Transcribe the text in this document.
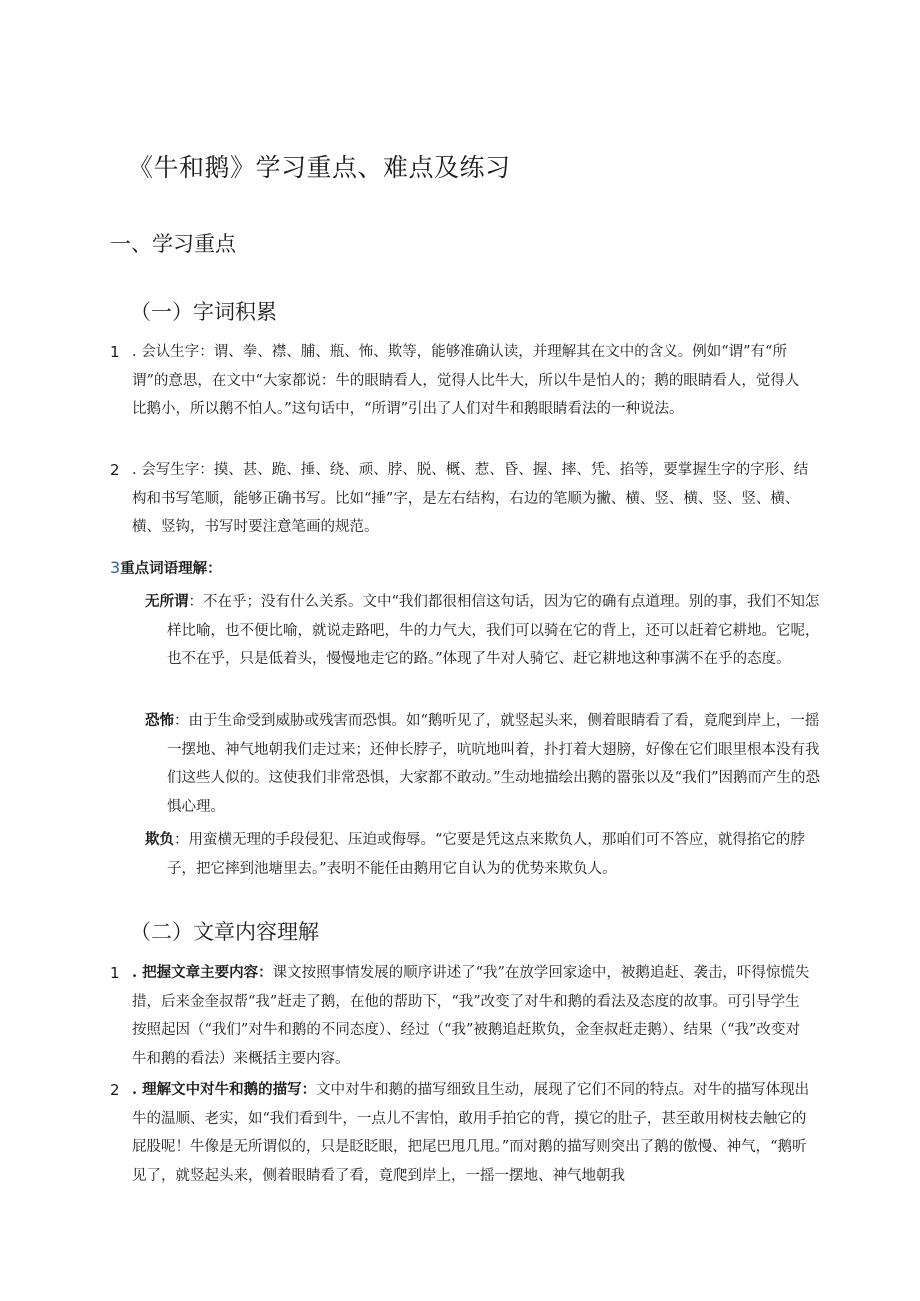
《牛和鹅》学习重点、难点及练习
一、学习重点
（一）字词积累
1 . 会认生字：谓、拳、襟、脯、瓶、怖、欺等，能够准确认读，并理解其在文中的含义。例如“谓”有“所谓”的意思，在文中“大家都说：牛的眼睛看人，觉得人比牛大，所以牛是怕人的；鹅的眼睛看人，觉得人比鹅小，所以鹅不怕人。”这句话中，“所谓”引出了人们对牛和鹅眼睛看法的一种说法。
2 . 会写生字：摸、甚、跪、捶、绕、顽、脖、脱、概、惹、昏、握、摔、凭、掐等，要掌握生字的字形、结构和书写笔顺，能够正确书写。比如“捶”字，是左右结构，右边的笔顺为撇、横、竖、横、竖、竖、横、横、竖钩，书写时要注意笔画的规范。
3重点词语理解：
无所谓：不在乎；没有什么关系。文中“我们都很相信这句话，因为它的确有点道理。别的事，我们不知怎样比喻，也不便比喻，就说走路吧，牛的力气大，我们可以骑在它的背上，还可以赶着它耕地。它呢，也不在乎，只是低着头，慢慢地走它的路。”体现了牛对人骑它、赶它耕地这种事满不在乎的态度。
恐怖：由于生命受到威胁或残害而恐惧。如“鹅听见了，就竖起头来，侧着眼睛看了看，竟爬到岸上，一摇一摆地、神气地朝我们走过来；还伸长脖子，吭吭地叫着，扑打着大翅膀，好像在它们眼里根本没有我们这些人似的。这使我们非常恐惧，大家都不敢动。”生动地描绘出鹅的嚣张以及“我们”因鹅而产生的恐惧心理。
欺负：用蛮横无理的手段侵犯、压迫或侮辱。“它要是凭这点来欺负人，那咱们可不答应，就得掐它的脖子，把它摔到池塘里去。”表明不能任由鹅用它自认为的优势来欺负人。
（二）文章内容理解
1 . 把握文章主要内容：课文按照事情发展的顺序讲述了“我”在放学回家途中，被鹅追赶、袭击，吓得惊慌失措，后来金奎叔帮“我”赶走了鹅，在他的帮助下，“我”改变了对牛和鹅的看法及态度的故事。可引导学生按照起因（“我们”对牛和鹅的不同态度）、经过（“我”被鹅追赶欺负，金奎叔赶走鹅）、结果（“我”改变对牛和鹅的看法）来概括主要内容。
2 . 理解文中对牛和鹅的描写：文中对牛和鹅的描写细致且生动，展现了它们不同的特点。对牛的描写体现出牛的温顺、老实，如“我们看到牛，一点儿不害怕，敢用手拍它的背，摸它的肚子，甚至敢用树枝去触它的屁股呢！牛像是无所谓似的，只是眨眨眼，把尾巴甩几甩。”而对鹅的描写则突出了鹅的傲慢、神气，“鹅听见了，就竖起头来，侧着眼睛看了看，竟爬到岸上，一摇一摆地、神气地朝我
